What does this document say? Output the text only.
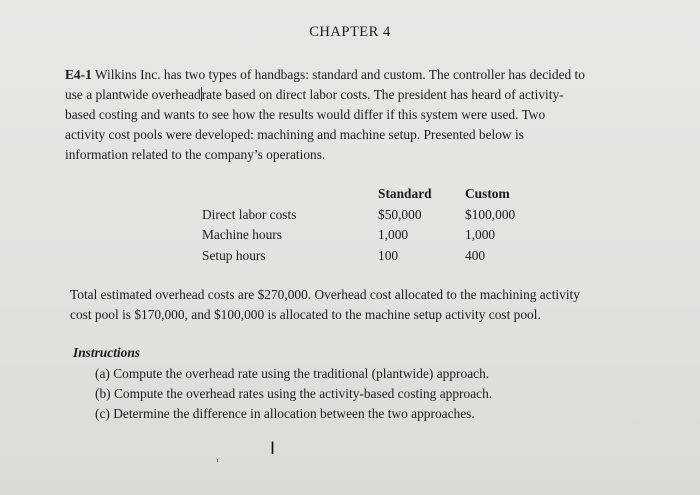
CHAPTER 4

E4-1 Wilkins Inc. has two types of handbags: standard and custom. The controller has decided to
use a plantwide overheadrate based on direct labor costs. The president has heard of activity-
based costing and wants to see how the results would differ if this system were used. Two
activity cost pools were developed: machining and machine setup. Presented below is
information related to the company’s operations.

	Standard	Custom
Direct labor costs	$50,000	$100,000
Machine hours	1,000	1,000
Setup hours	100	400
Total estimated overhead costs are $270,000. Overhead cost allocated to the machining activity
cost pool is $170,000, and $100,000 is allocated to the machine setup activity cost pool.
Instructions
(a) Compute the overhead rate using the traditional (plantwide) approach.
(b) Compute the overhead rates using the activity-based costing approach.
(c) Determine the difference in allocation between the two approaches.
I
